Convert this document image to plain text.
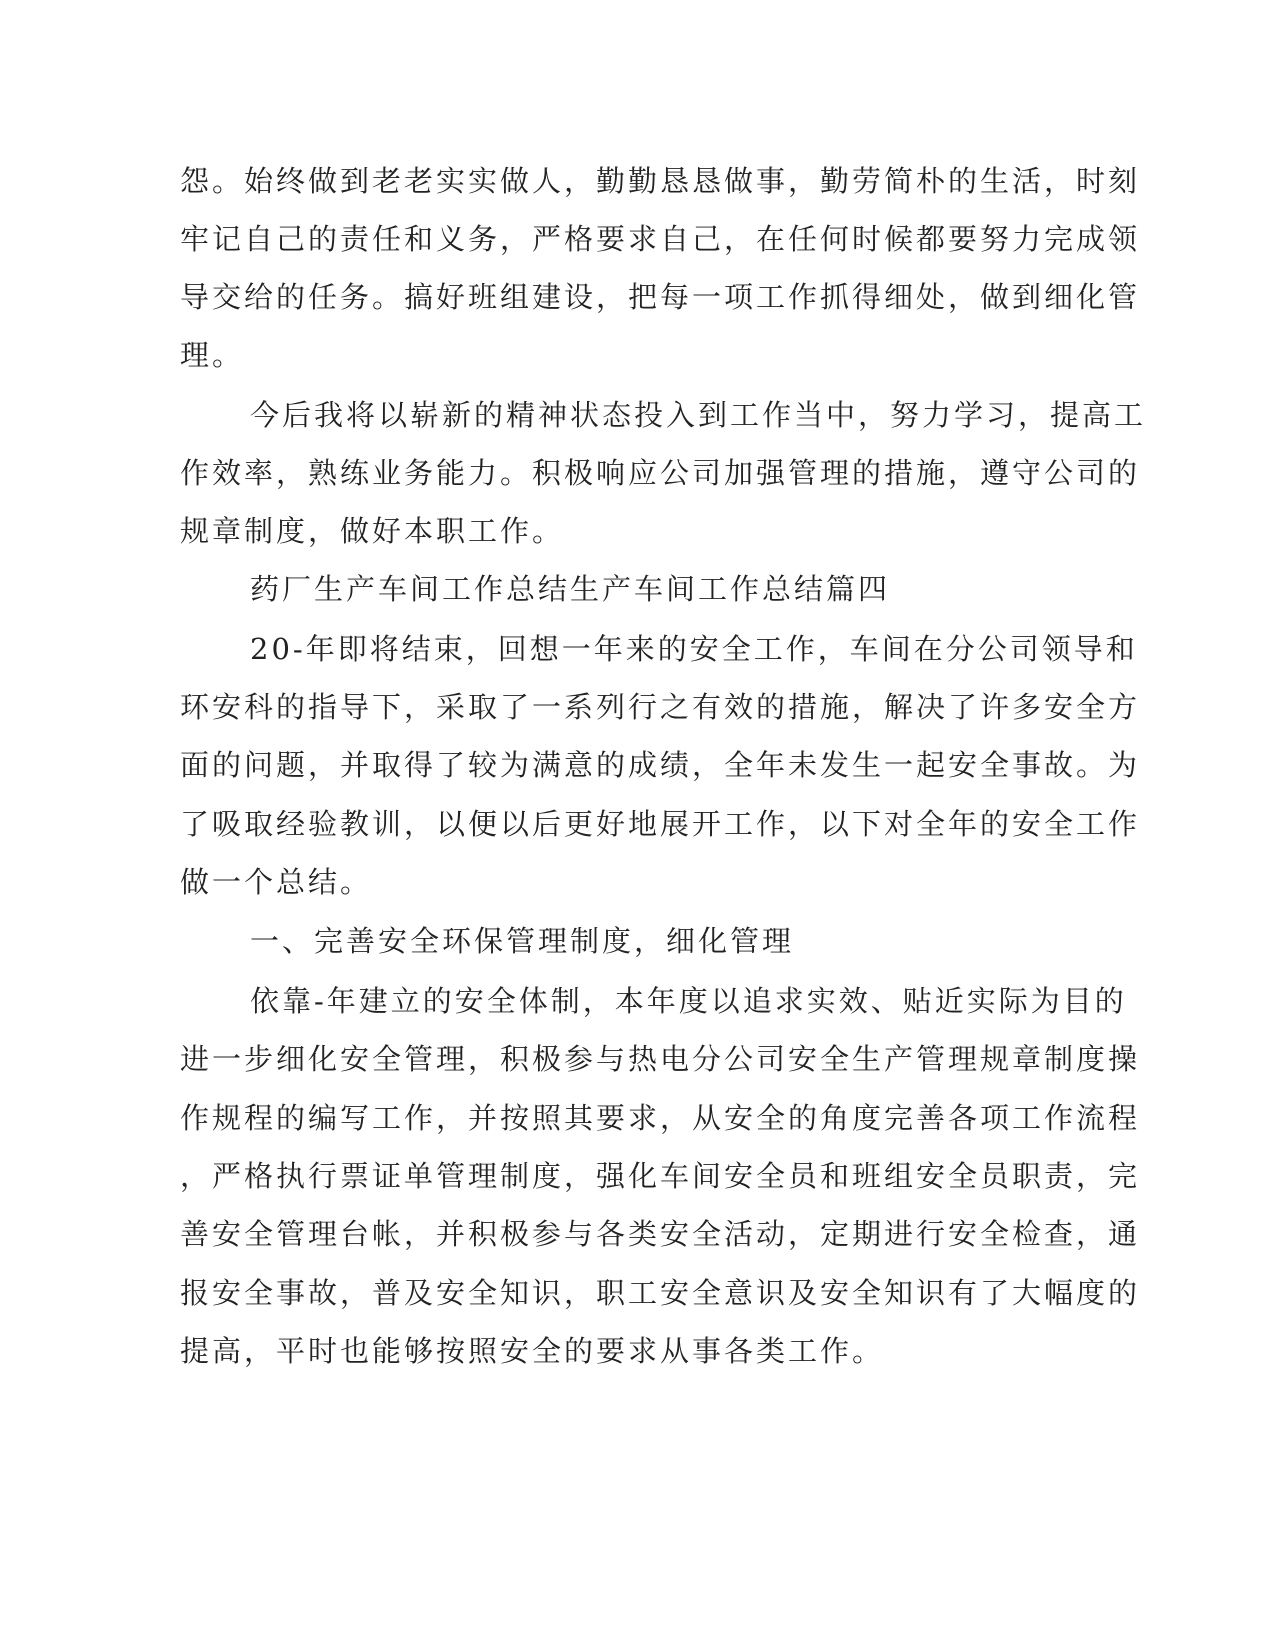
怨。始终做到老老实实做人，勤勤恳恳做事，勤劳简朴的生活，时刻

牢记自己的责任和义务，严格要求自己，在任何时候都要努力完成领

导交给的任务。搞好班组建设，把每一项工作抓得细处，做到细化管

理。

今后我将以崭新的精神状态投入到工作当中，努力学习，提高工

作效率，熟练业务能力。积极响应公司加强管理的措施，遵守公司的

规章制度，做好本职工作。

药厂生产车间工作总结生产车间工作总结篇四

20-年即将结束，回想一年来的安全工作，车间在分公司领导和

环安科的指导下，采取了一系列行之有效的措施，解决了许多安全方

面的问题，并取得了较为满意的成绩，全年未发生一起安全事故。为

了吸取经验教训，以便以后更好地展开工作，以下对全年的安全工作

做一个总结。

一、完善安全环保管理制度，细化管理

依靠-年建立的安全体制，本年度以追求实效、贴近实际为目的

进一步细化安全管理，积极参与热电分公司安全生产管理规章制度操

作规程的编写工作，并按照其要求，从安全的角度完善各项工作流程

，严格执行票证单管理制度，强化车间安全员和班组安全员职责，完

善安全管理台帐，并积极参与各类安全活动，定期进行安全检查，通

报安全事故，普及安全知识，职工安全意识及安全知识有了大幅度的

提高，平时也能够按照安全的要求从事各类工作。
